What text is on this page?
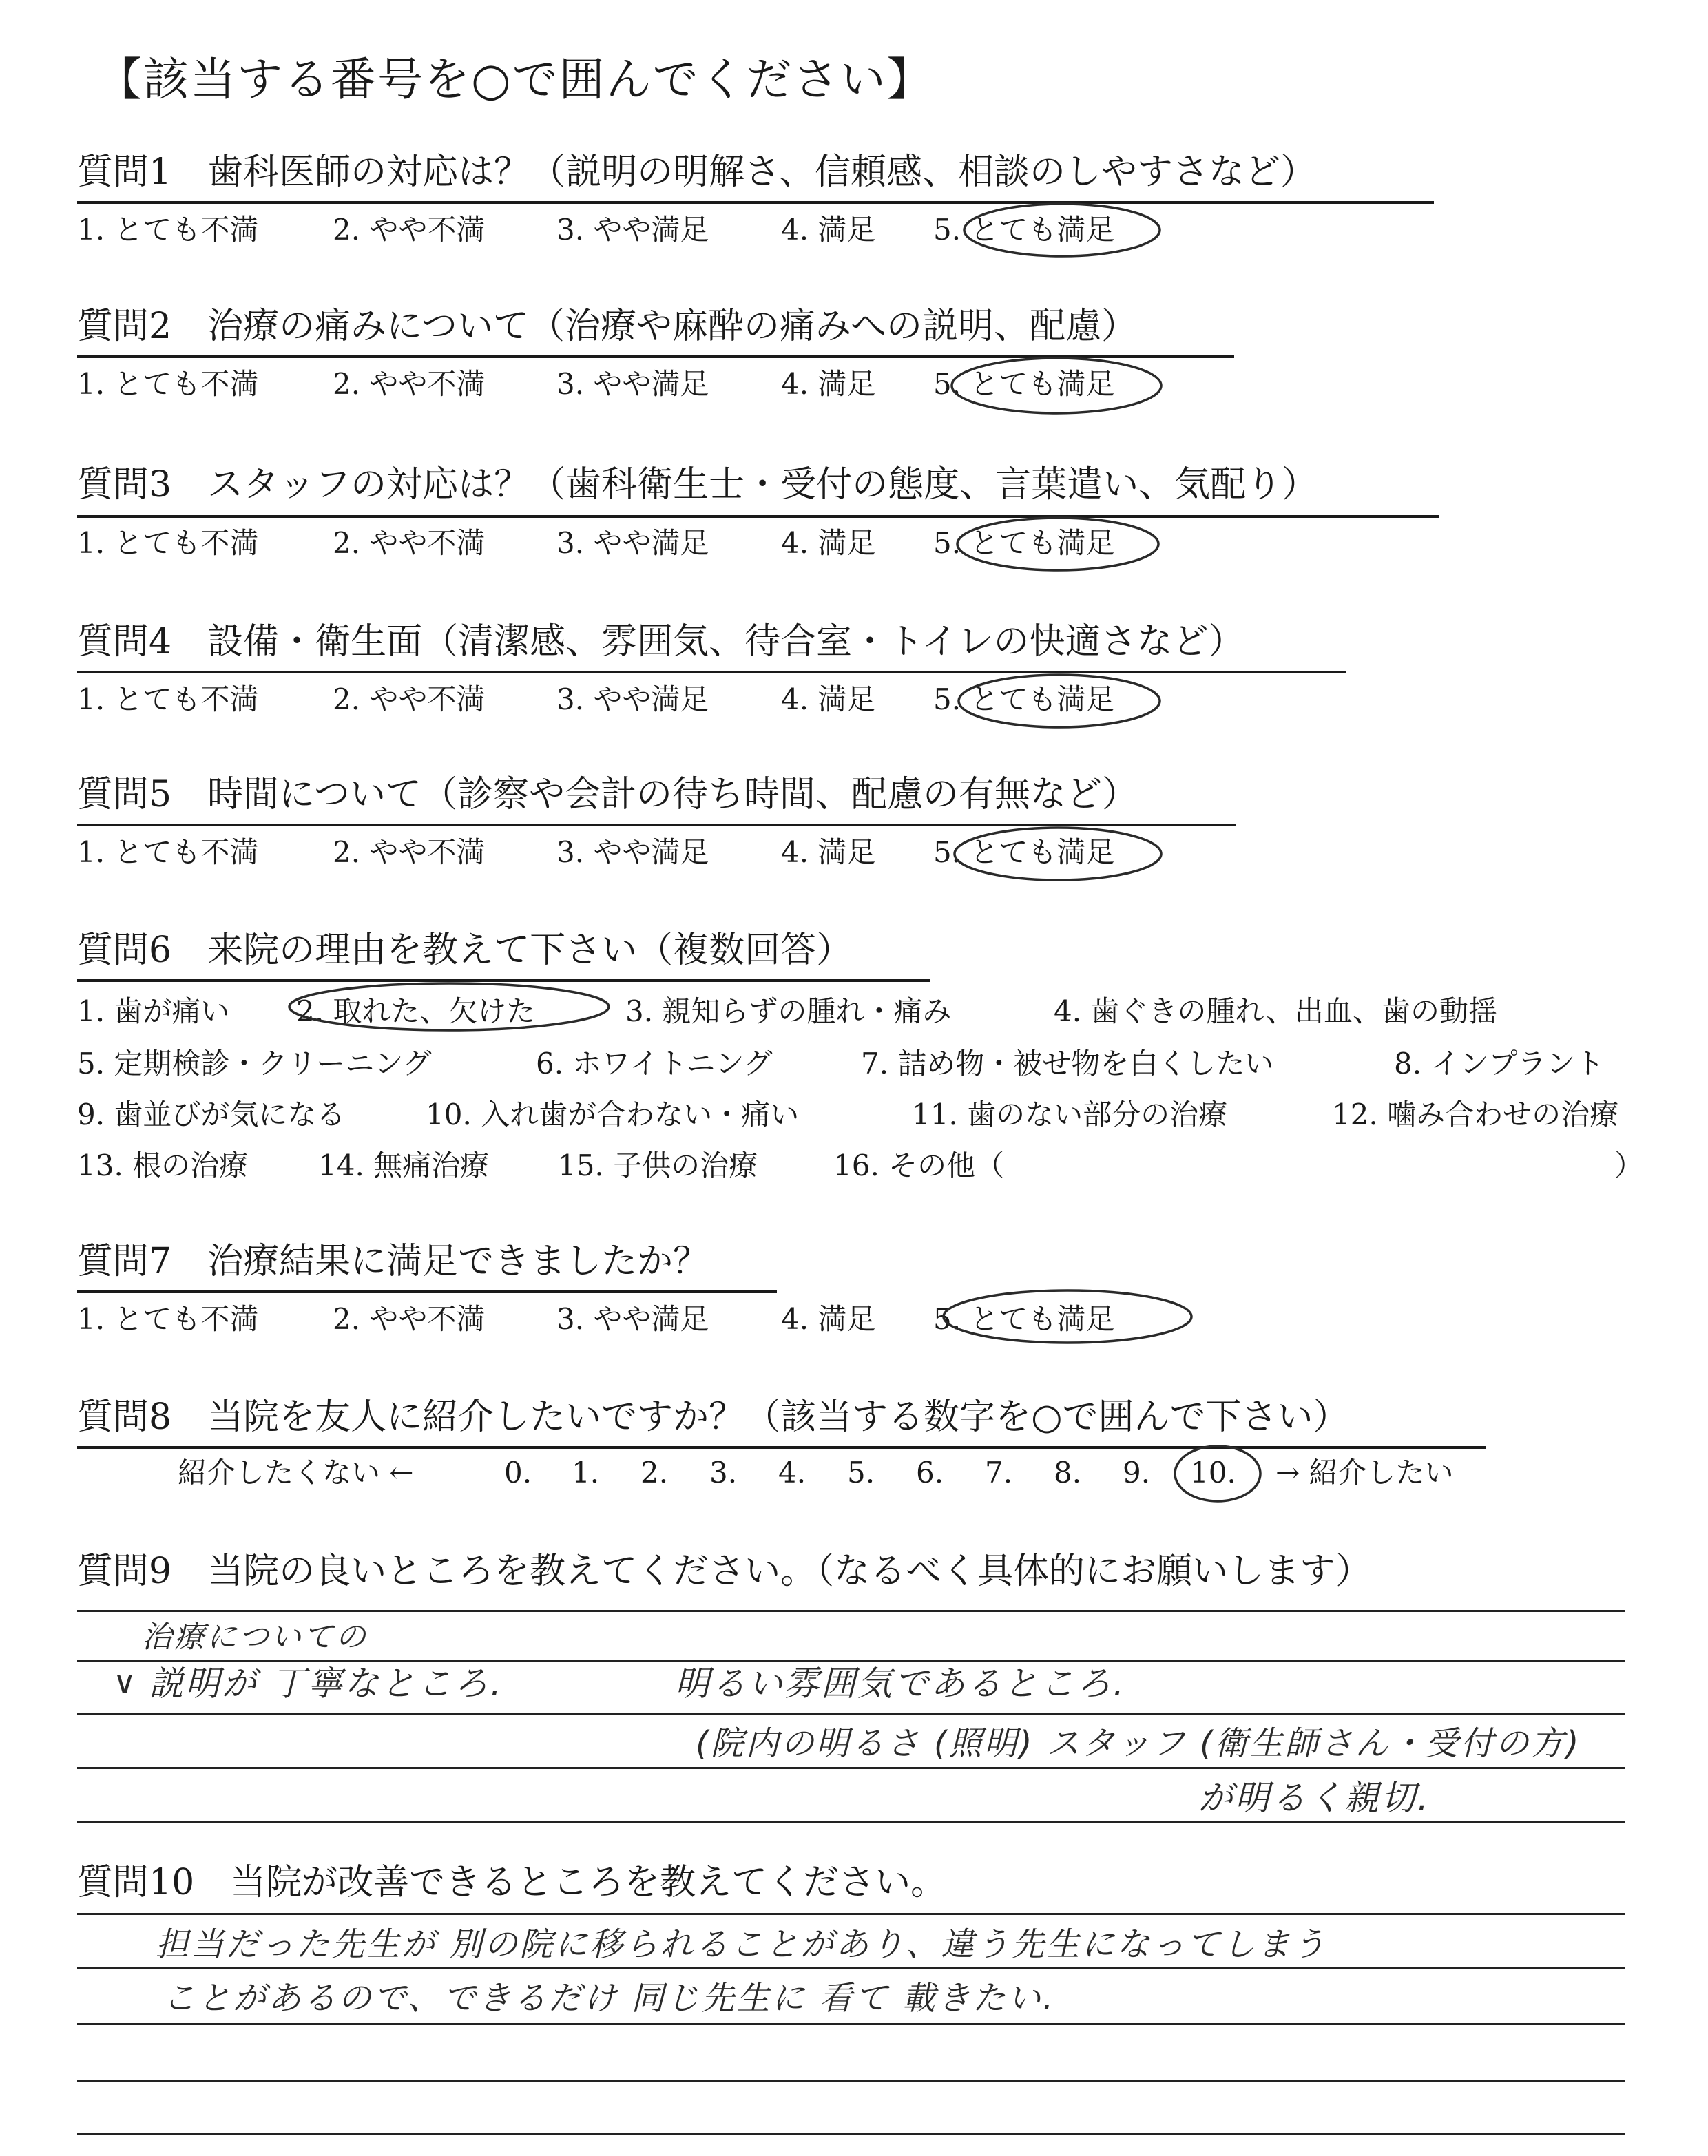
【該当する番号を○で囲んでください】
質問1　歯科医師の対応は？（説明の明解さ、信頼感、相談のしやすさなど）
1. とても不満	2. やや不満 3. やや満足 4. 満足 5. とても満足
質問2　治療の痛みについて（治療や麻酔の痛みへの説明、配慮）
1. とても不満	2. やや不満 3. やや満足 4. 満足 5. とても満足
質問3　スタッフの対応は？（歯科衛生士・受付の態度、言葉遣い、気配り）
1. とても不満	2. やや不満 3. やや満足 4. 満足 5. とても満足
質問4　設備・衛生面（清潔感、雰囲気、待合室・トイレの快適さなど）
1. とても不満	2. やや不満 3. やや満足 4. 満足 5. とても満足
質問5　時間について（診察や会計の待ち時間、配慮の有無など）
1. とても不満	2. やや不満 3. やや満足 4. 満足 5. とても満足
質問6　来院の理由を教えて下さい（複数回答）
1. 歯が痛い 2. 取れた、欠けた	3. 親知らずの腫れ・痛み	4. 歯ぐきの腫れ、出血、歯の動揺
5. 定期検診・クリーニング	6. ホワイトニング	7. 詰め物・被せ物を白くしたい	8. インプラント
9. 歯並びが気になる	10. 入れ歯が合わない・痛い	11. 歯のない部分の治療	12. 噛み合わせの治療
13. 根の治療 14. 無痛治療 15. 子供の治療	16. その他（	）
質問7　治療結果に満足できましたか？
1. とても不満	2. やや不満 3. やや満足 4. 満足 5. とても満足
質問8　当院を友人に紹介したいですか？（該当する数字を○で囲んで下さい）
紹介したくない ←	0. 1. 2. 3. 4. 5. 6. 7. 8. 9. 10. → 紹介したい
質問9　当院の良いところを教えてください。（なるべく具体的にお願いします）
治療についての
∨ 説明が 丁寧なところ.	明るい雰囲気であるところ.
(院内の明るさ (照明) スタッフ (衛生師さん・受付の方)
が明るく親切.
質問10　当院が改善できるところを教えてください。
担当だった先生が 別の院に移られることがあり、違う先生になってしまう
ことがあるので、できるだけ 同じ先生に 看て 載きたい.
